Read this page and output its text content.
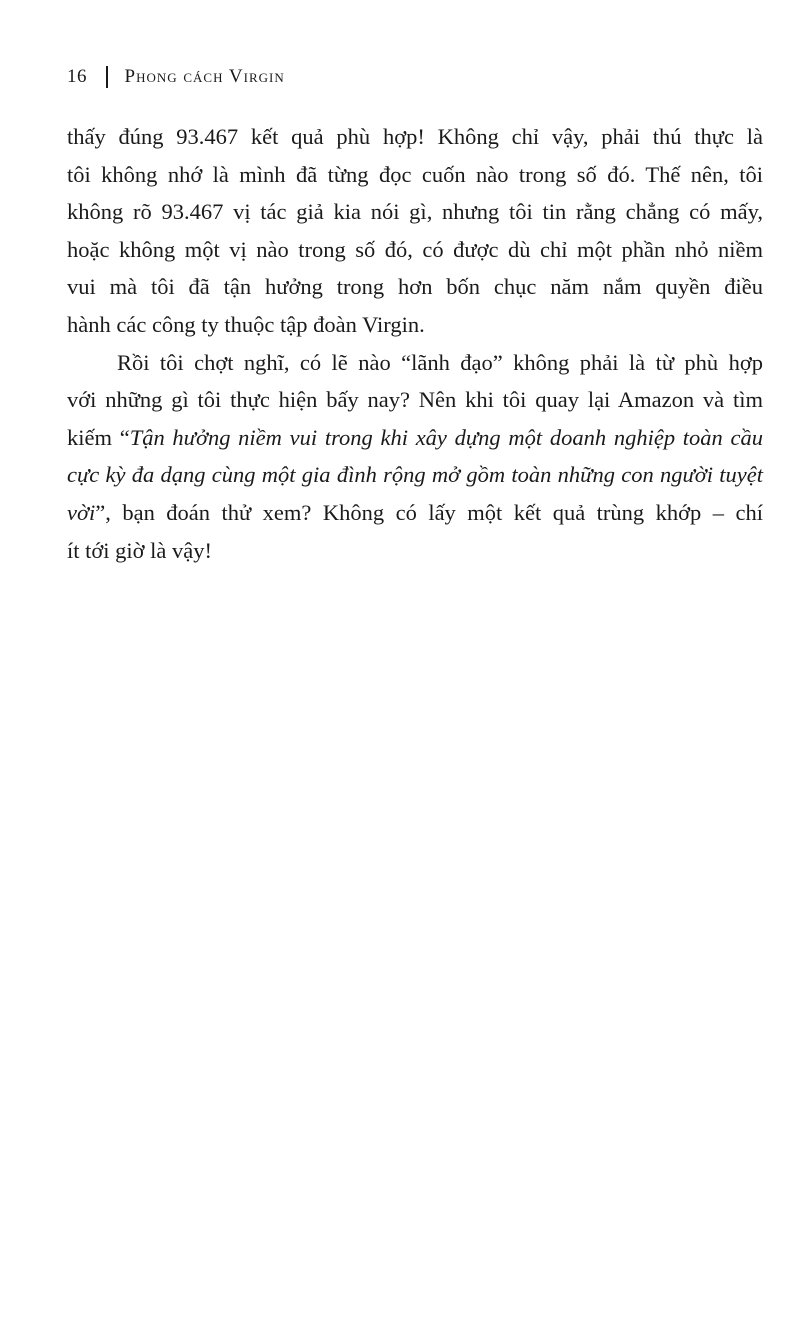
16 Phong cách Virgin
thấy đúng 93.467 kết quả phù hợp! Không chỉ vậy, phải thú thực là
tôi không nhớ là mình đã từng đọc cuốn nào trong số đó. Thế nên, tôi
không rõ 93.467 vị tác giả kia nói gì, nhưng tôi tin rằng chẳng có mấy,
hoặc không một vị nào trong số đó, có được dù chỉ một phần nhỏ niềm
vui mà tôi đã tận hưởng trong hơn bốn chục năm nắm quyền điều
hành các công ty thuộc tập đoàn Virgin.
Rồi tôi chợt nghĩ, có lẽ nào “lãnh đạo” không phải là từ phù hợp
với những gì tôi thực hiện bấy nay? Nên khi tôi quay lại Amazon và tìm
kiếm “Tận hưởng niềm vui trong khi xây dựng một doanh nghiệp toàn cầu
cực kỳ đa dạng cùng một gia đình rộng mở gồm toàn những con người tuyệt
vời”, bạn đoán thử xem? Không có lấy một kết quả trùng khớp – chí
ít tới giờ là vậy!
